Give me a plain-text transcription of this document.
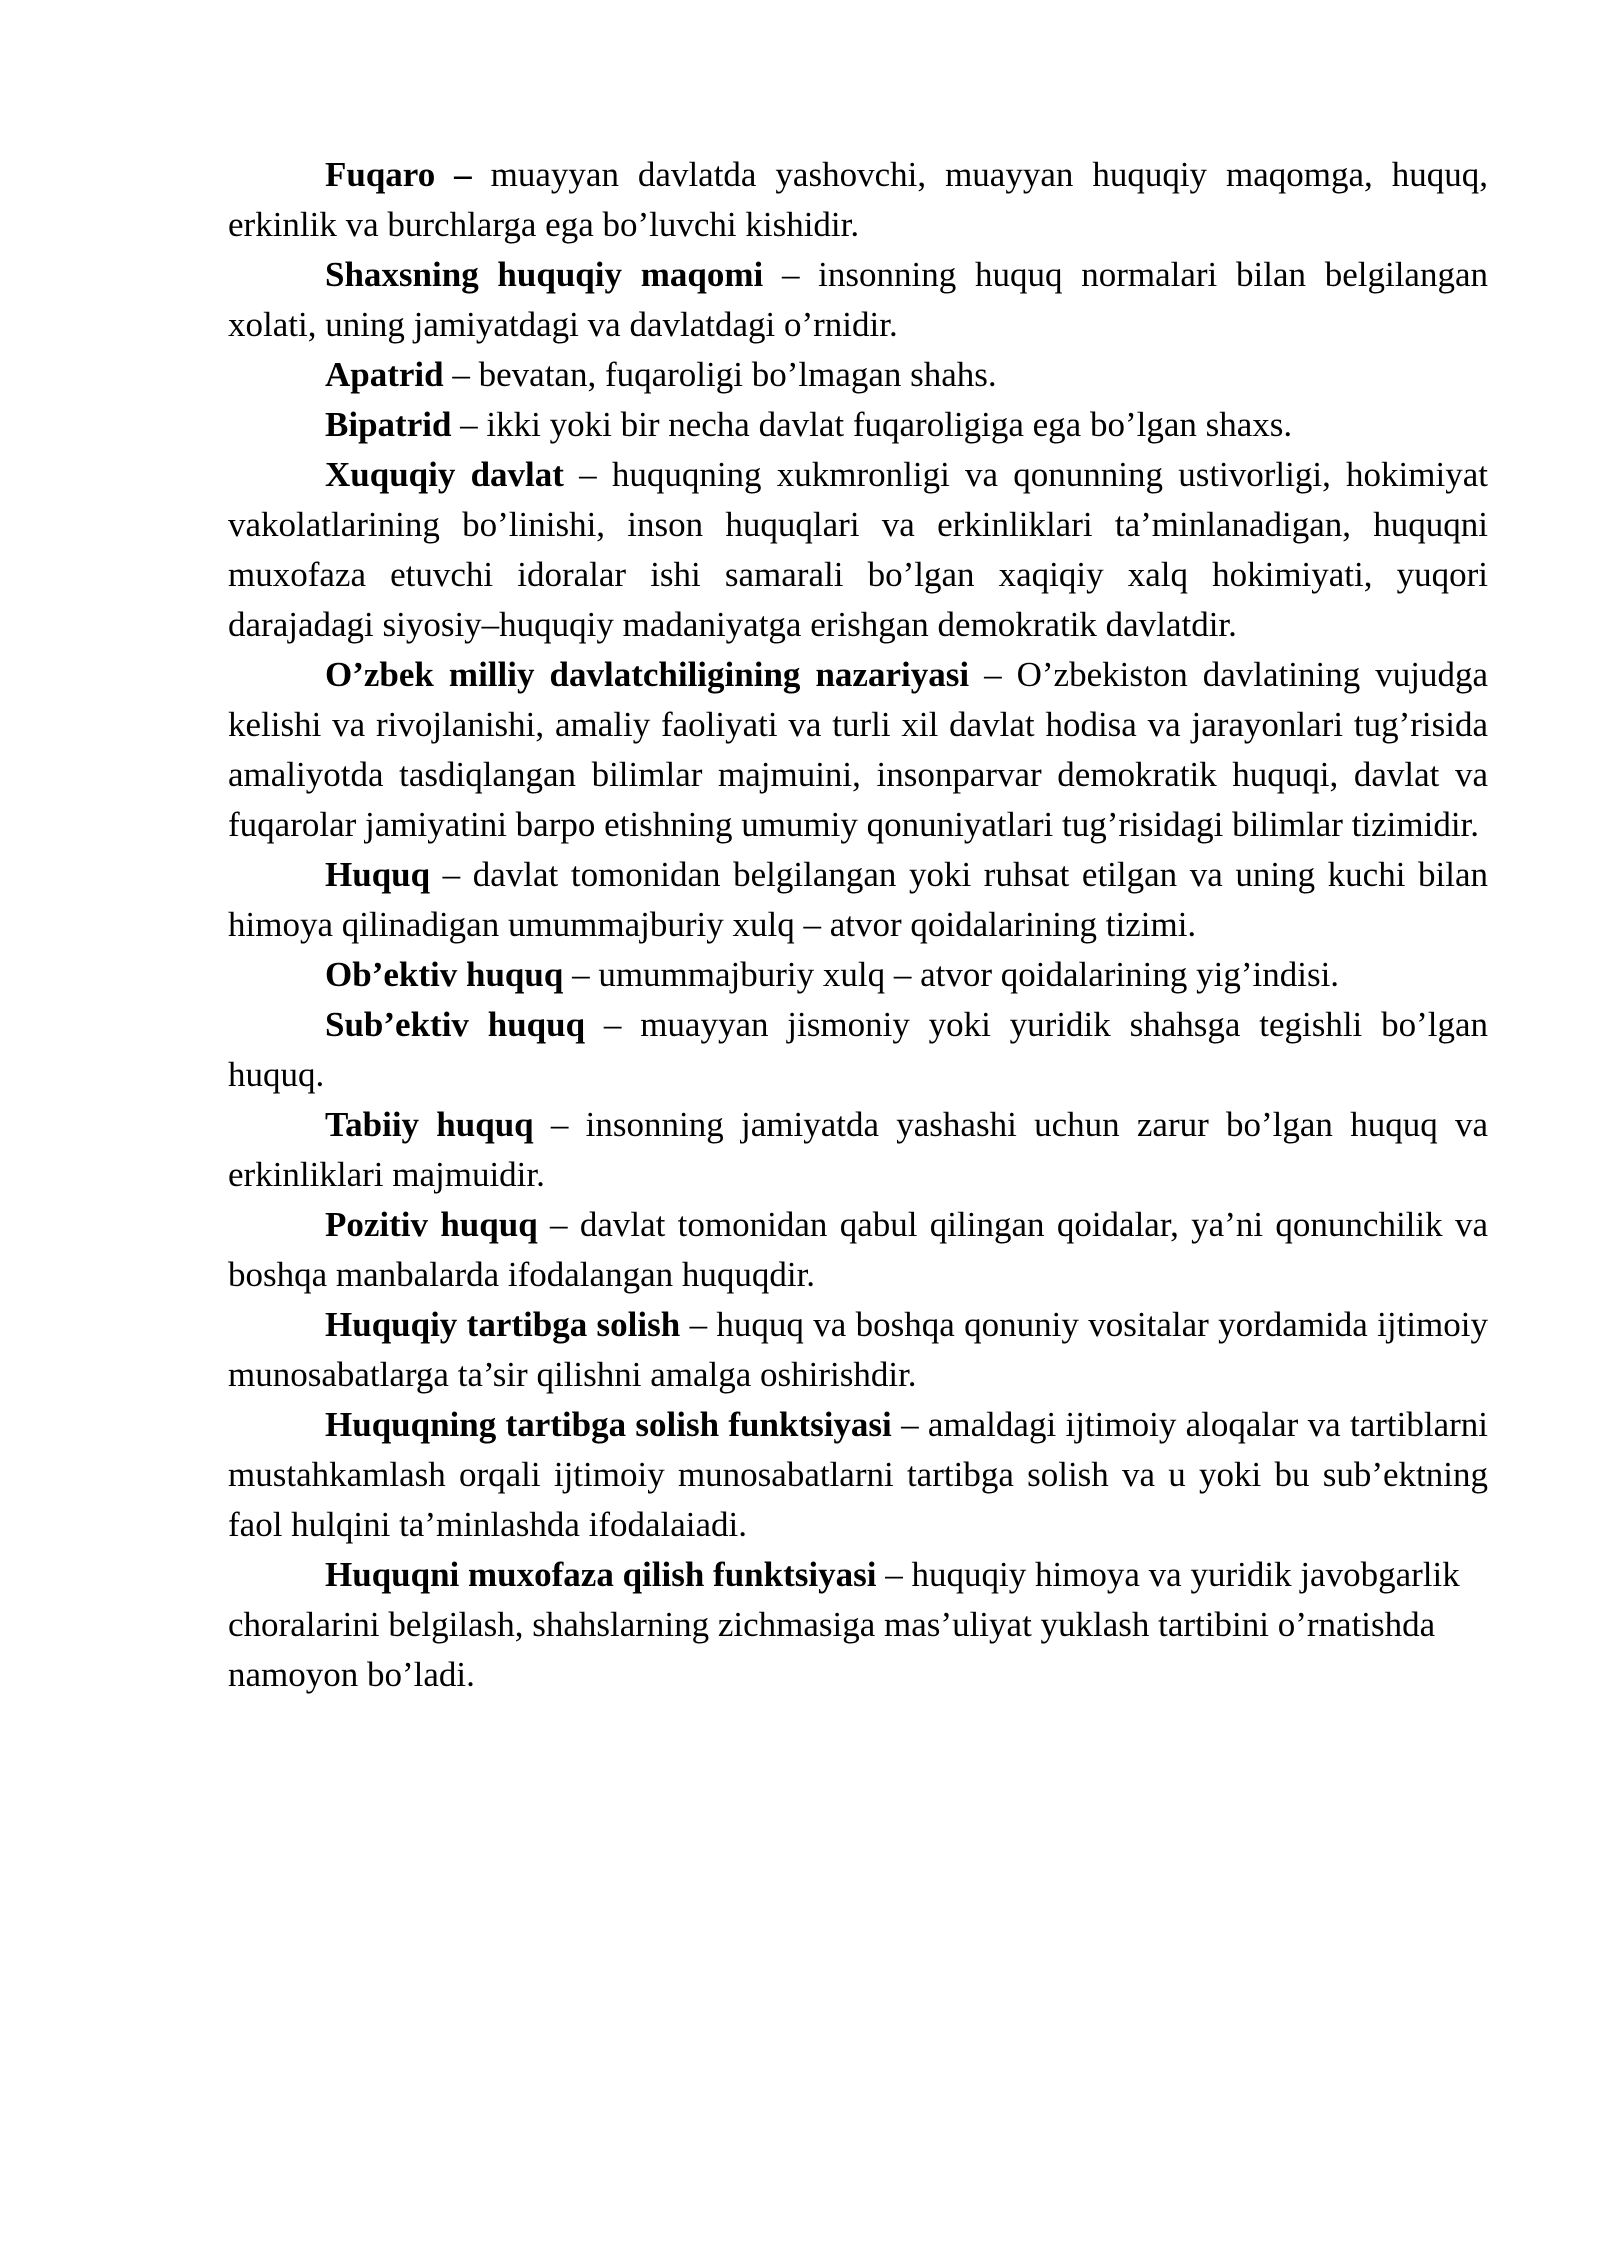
Fuqaro – muayyan davlatda yashovchi, muayyan huquqiy maqomga, huquq, erkinlik va burchlarga ega bo’luvchi kishidir.

Shaxsning huquqiy maqomi – insonning huquq normalari bilan belgilangan xolati, uning jamiyatdagi va davlatdagi o’rnidir.

Apatrid – bevatan, fuqaroligi bo’lmagan shahs.

Bipatrid – ikki yoki bir necha davlat fuqaroligiga ega bo’lgan shaxs.

Xuquqiy davlat – huquqning xukmronligi va qonunning ustivorligi, hokimiyat vakolatlarining bo’linishi, inson huquqlari va erkinliklari ta’minlanadigan, huquqni muxofaza etuvchi idoralar ishi samarali bo’lgan xaqiqiy xalq hokimiyati, yuqori darajadagi siyosiy–huquqiy madaniyatga erishgan demokratik davlatdir.

O’zbek milliy davlatchiligining nazariyasi – O’zbekiston davlatining vujudga kelishi va rivojlanishi, amaliy faoliyati va turli xil davlat hodisa va jarayonlari tug’risida amaliyotda tasdiqlangan bilimlar majmuini, insonparvar demokratik huquqi, davlat va fuqarolar jamiyatini barpo etishning umumiy qonuniyatlari tug’risidagi bilimlar tizimidir.

Huquq – davlat tomonidan belgilangan yoki ruhsat etilgan va uning kuchi bilan himoya qilinadigan umummajburiy xulq – atvor qoidalarining tizimi.

Ob’ektiv huquq – umummajburiy xulq – atvor qoidalarining yig’indisi.

Sub’ektiv huquq – muayyan jismoniy yoki yuridik shahsga tegishli bo’lgan huquq.

Tabiiy huquq – insonning jamiyatda yashashi uchun zarur bo’lgan huquq va erkinliklari majmuidir.

Pozitiv huquq – davlat tomonidan qabul qilingan qoidalar, ya’ni qonunchilik va boshqa manbalarda ifodalangan huquqdir.

Huquqiy tartibga solish – huquq va boshqa qonuniy vositalar yordamida ijtimoiy munosabatlarga ta’sir qilishni amalga oshirishdir.

Huquqning tartibga solish funktsiyasi – amaldagi ijtimoiy aloqalar va tartiblarni mustahkamlash orqali ijtimoiy munosabatlarni tartibga solish va u yoki bu sub’ektning faol hulqini ta’minlashda ifodalaiadi.

Huquqni muxofaza qilish funktsiyasi – huquqiy himoya va yuridik javobgarlik choralarini belgilash, shahslarning zichmasiga mas’uliyat yuklash tartibini o’rnatishda namoyon bo’ladi.
